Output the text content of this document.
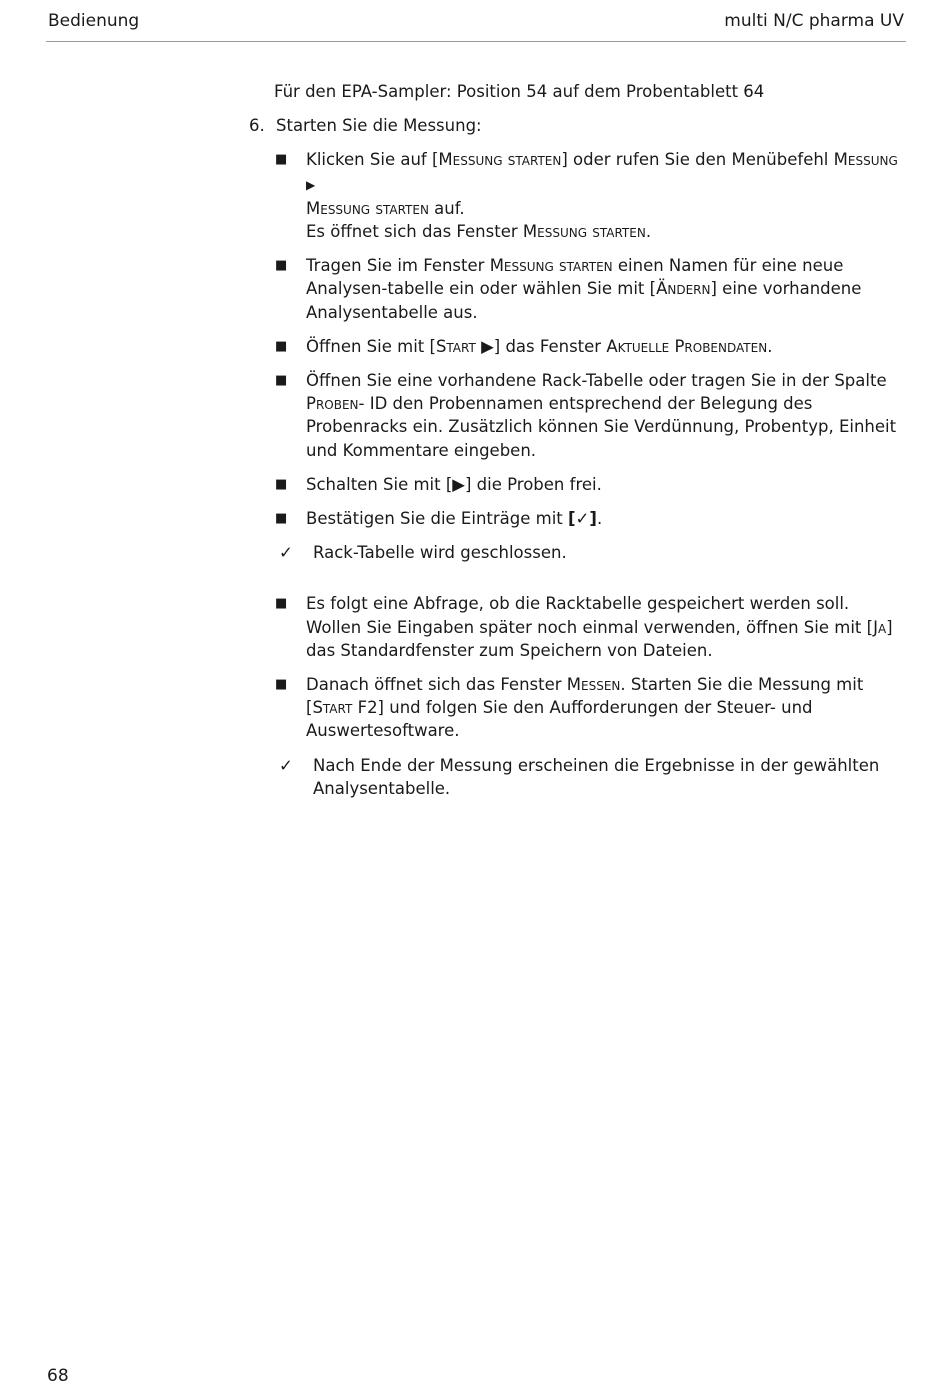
Bedienung	multi N/C pharma UV
Für den EPA-Sampler: Position 54 auf dem Probentablett 64
6. Starten Sie die Messung:
■ Klicken Sie auf [Messung starten] oder rufen Sie den Menübefehl Messung ▶
Messung starten auf.
Es öffnet sich das Fenster Messung starten.
■ Tragen Sie im Fenster Messung starten einen Namen für eine neue Analysen-tabelle ein oder wählen Sie mit [Ändern] eine vorhandene Analysentabelle aus.
■ Öffnen Sie mit [Start ▶] das Fenster Aktuelle Probendaten.
■ Öffnen Sie eine vorhandene Rack-Tabelle oder tragen Sie in der Spalte Proben- ID den Probennamen entsprechend der Belegung des Probenracks ein. Zusätzlich können Sie Verdünnung, Probentyp, Einheit und Kommentare eingeben.
■ Schalten Sie mit [▶] die Proben frei.
■ Bestätigen Sie die Einträge mit [✓].
✓ Rack-Tabelle wird geschlossen.
■ Es folgt eine Abfrage, ob die Racktabelle gespeichert werden soll. Wollen Sie Eingaben später noch einmal verwenden, öffnen Sie mit [Ja] das Standardfenster zum Speichern von Dateien.
■ Danach öffnet sich das Fenster Messen. Starten Sie die Messung mit [Start F2] und folgen Sie den Aufforderungen der Steuer- und Auswertesoftware.
✓ Nach Ende der Messung erscheinen die Ergebnisse in der gewählten Analysentabelle.
68
